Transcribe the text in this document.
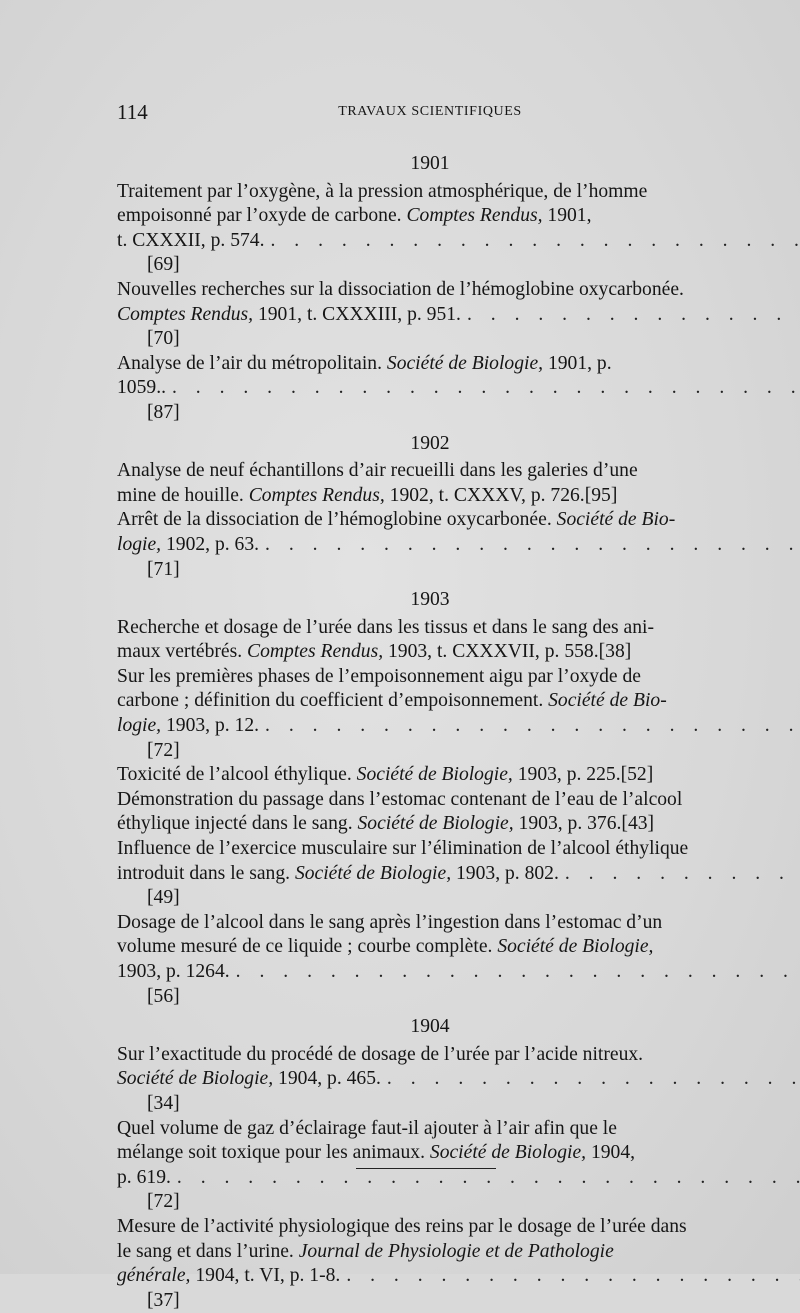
114	TRAVAUX SCIENTIFIQUES
1901
Traitement par l’oxygène, à la pression atmosphérique, de l’homme
empoisonné par l’oxyde de carbone. Comptes Rendus, 1901,
t. CXXXII, p. 574.. . . [69]
Nouvelles recherches sur la dissociation de l’hémoglobine oxycarbonée.
Comptes Rendus, 1901, t. CXXXIII, p. 951.. . . [70]
Analyse de l’air du métropolitain. Société de Biologie, 1901, p.
1059... . . [87]
1902
Analyse de neuf échantillons d’air recueilli dans les galeries d’une
mine de houille. Comptes Rendus, 1902, t. CXXXV, p. 726.[95]
Arrêt de la dissociation de l’hémoglobine oxycarbonée. Société de Bio-
logie, 1902, p. 63.. . . [71]
1903
Recherche et dosage de l’urée dans les tissus et dans le sang des ani-
maux vertébrés. Comptes Rendus, 1903, t. CXXXVII, p. 558.[38]
Sur les premières phases de l’empoisonnement aigu par l’oxyde de
carbone ; définition du coefficient d’empoisonnement. Société de Bio-
logie, 1903, p. 12.. . . [72]
Toxicité de l’alcool éthylique. Société de Biologie, 1903, p. 225.[52]
Démonstration du passage dans l’estomac contenant de l’eau de l’alcool
éthylique injecté dans le sang. Société de Biologie, 1903, p. 376.[43]
Influence de l’exercice musculaire sur l’élimination de l’alcool éthylique
introduit dans le sang. Société de Biologie, 1903, p. 802.. . . [49]
Dosage de l’alcool dans le sang après l’ingestion dans l’estomac d’un
volume mesuré de ce liquide ; courbe complète. Société de Biologie,
1903, p. 1264.. . . [56]
1904
Sur l’exactitude du procédé de dosage de l’urée par l’acide nitreux.
Société de Biologie, 1904, p. 465.. . . [34]
Quel volume de gaz d’éclairage faut-il ajouter à l’air afin que le
mélange soit toxique pour les animaux. Société de Biologie, 1904,
p. 619.. . . [72]
Mesure de l’activité physiologique des reins par le dosage de l’urée dans
le sang et dans l’urine. Journal de Physiologie et de Pathologie
générale, 1904, t. VI, p. 1-8.. . . [37]
